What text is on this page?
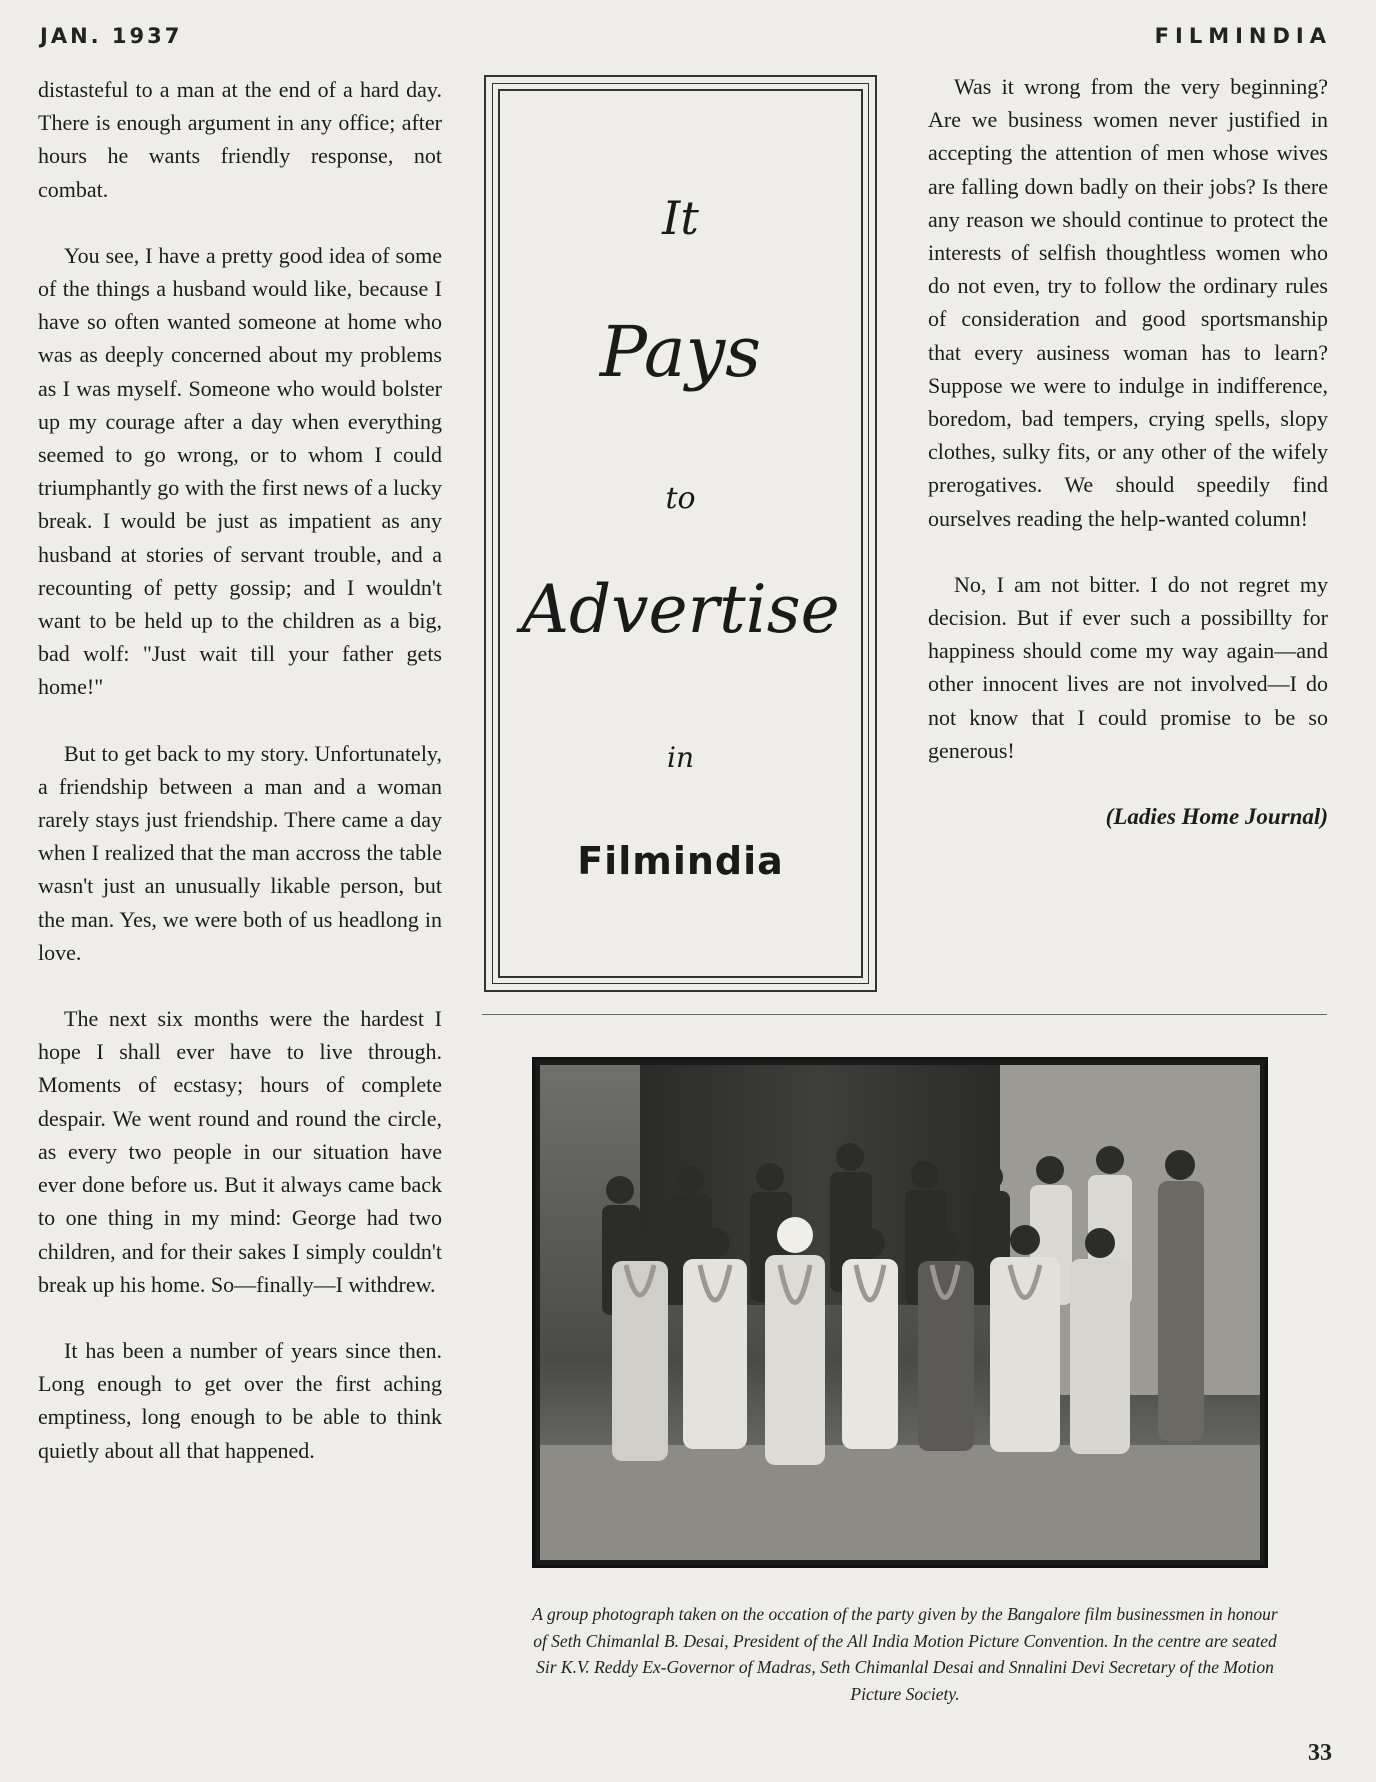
JAN. 1937	FILMINDIA

distasteful to a man at the end of a hard day. There is enough argument in any office; after hours he wants friendly response, not combat.

You see, I have a pretty good idea of some of the things a husband would like, because I have so often wanted someone at home who was as deeply concerned about my problems as I was myself. Someone who would bolster up my courage after a day when everything seemed to go wrong, or to whom I could triumphantly go with the first news of a lucky break. I would be just as impatient as any husband at stories of servant trouble, and a recounting of petty gossip; and I wouldn't want to be held up to the children as a big, bad wolf: "Just wait till your father gets home!"

But to get back to my story. Unfortunately, a friendship between a man and a woman rarely stays just friendship. There came a day when I realized that the man accross the table wasn't just an unusually likable person, but the man. Yes, we were both of us headlong in love.

The next six months were the hardest I hope I shall ever have to live through. Moments of ecstasy; hours of complete despair. We went round and round the circle, as every two people in our situation have ever done before us. But it always came back to one thing in my mind: George had two children, and for their sakes I simply couldn't break up his home. So—finally—I withdrew.

It has been a number of years since then. Long enough to get over the first aching emptiness, long enough to be able to think quietly about all that happened.

It
Pays
to
Advertise
in
Filmindia

Was it wrong from the very beginning? Are we business women never justified in accepting the attention of men whose wives are falling down badly on their jobs? Is there any reason we should continue to protect the interests of selfish thoughtless women who do not even, try to follow the ordinary rules of consideration and good sportsmanship that every ausiness woman has to learn? Suppose we were to indulge in indifference, boredom, bad tempers, crying spells, slopy clothes, sulky fits, or any other of the wifely prerogatives. We should speedily find ourselves reading the help-wanted column!

No, I am not bitter. I do not regret my decision. But if ever such a possibillty for happiness should come my way again—and other innocent lives are not involved—I do not know that I could promise to be so generous!

(Ladies Home Journal)
A group photograph taken on the occation of the party given by the Bangalore film businessmen in honour of Seth Chimanlal B. Desai, President of the All India Motion Picture Convention. In the centre are seated Sir K.V. Reddy Ex-Governor of Madras, Seth Chimanlal Desai and Snnalini Devi Secretary of the Motion Picture Society.
33
